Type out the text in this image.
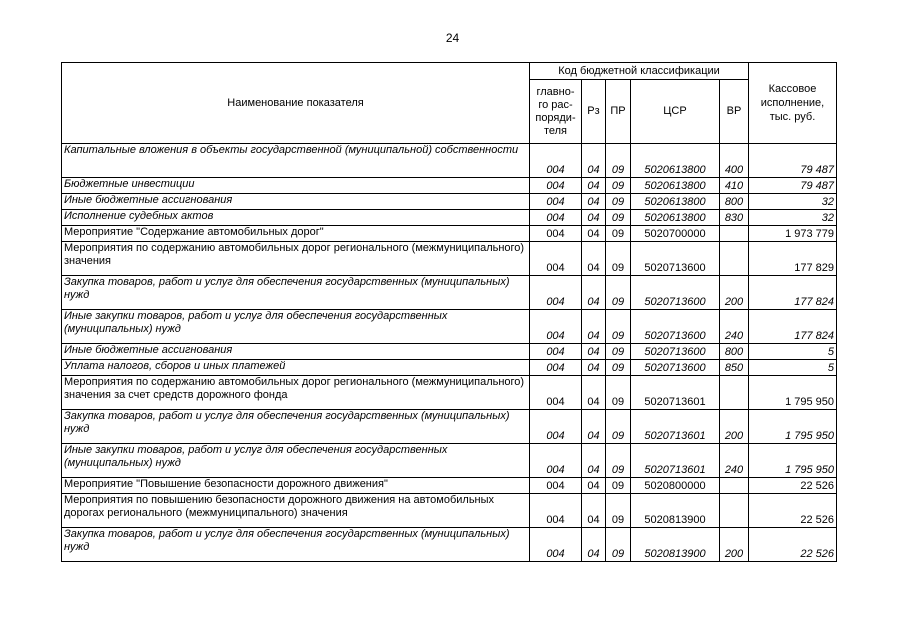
24
Наименование показателя	Код бюджетной классификации					Кассовое
исполнение,
тыс. руб.
	главно-
го рас-
поряди-
теля	Рз	ПР	ЦСР	ВР	
Капитальные вложения в объекты государственной (муниципальной) собственности	004	04	09	5020613800	400	79 487
Бюджетные инвестиции	004	04	09	5020613800	410	79 487
Иные бюджетные ассигнования	004	04	09	5020613800	800	32
Исполнение судебных актов	004	04	09	5020613800	830	32
Мероприятие "Содержание автомобильных дорог"	004	04	09	5020700000		1 973 779
Мероприятия по содержанию автомобильных дорог регионального (межмуниципального) значения	004	04	09	5020713600		177 829
Закупка товаров, работ и услуг для обеспечения государственных (муниципальных) нужд	004	04	09	5020713600	200	177 824
Иные закупки товаров, работ и услуг для обеспечения государственных (муниципальных) нужд	004	04	09	5020713600	240	177 824
Иные бюджетные ассигнования	004	04	09	5020713600	800	5
Уплата налогов, сборов и иных платежей	004	04	09	5020713600	850	5
Мероприятия по содержанию автомобильных дорог регионального (межмуниципального) значения за счет средств дорожного фонда	004	04	09	5020713601		1 795 950
Закупка товаров, работ и услуг для обеспечения государственных (муниципальных) нужд	004	04	09	5020713601	200	1 795 950
Иные закупки товаров, работ и услуг для обеспечения государственных (муниципальных) нужд	004	04	09	5020713601	240	1 795 950
Мероприятие "Повышение безопасности дорожного движения"	004	04	09	5020800000		22 526
Мероприятия по повышению безопасности дорожного движения на автомобильных дорогах регионального (межмуниципального) значения	004	04	09	5020813900		22 526
Закупка товаров, работ и услуг для обеспечения государственных (муниципальных) нужд	004	04	09	5020813900	200	22 526
